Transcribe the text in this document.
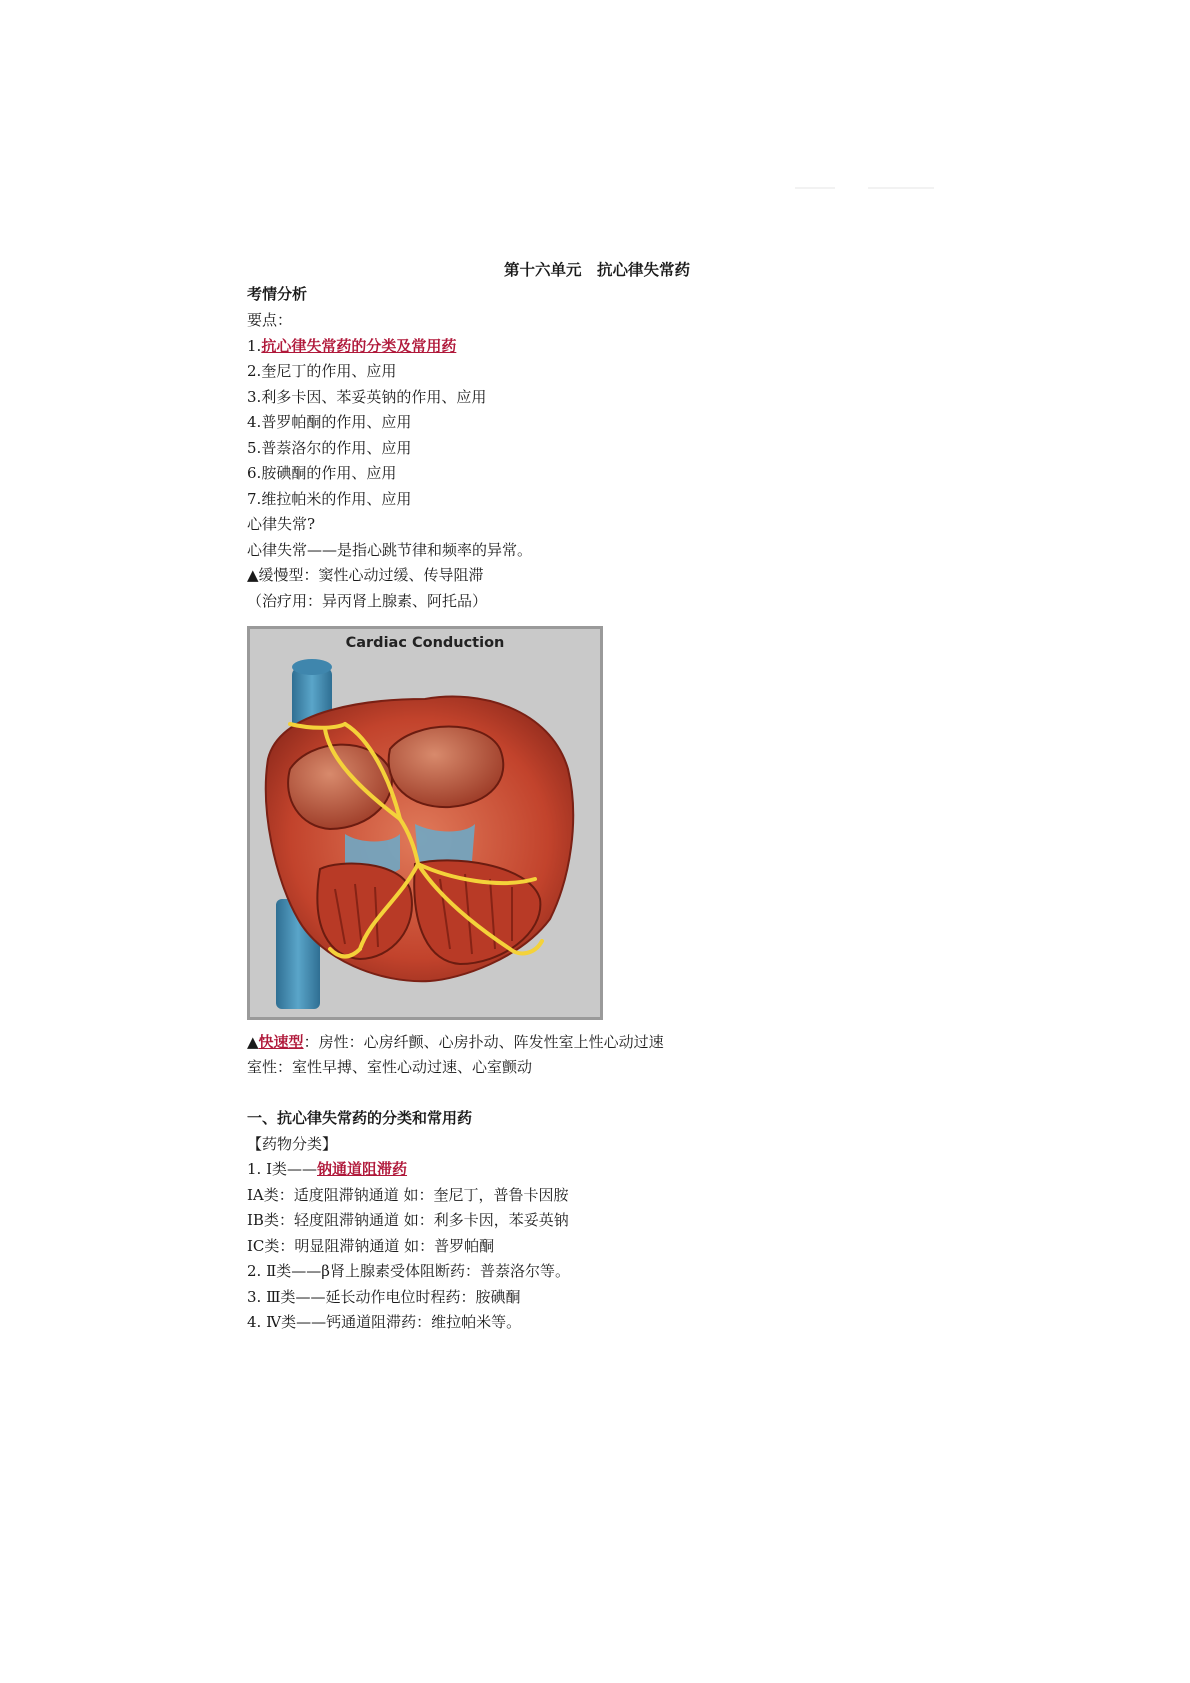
第十六单元　抗心律失常药
考情分析
要点：
1.抗心律失常药的分类及常用药
2.奎尼丁的作用、应用
3.利多卡因、苯妥英钠的作用、应用
4.普罗帕酮的作用、应用
5.普萘洛尔的作用、应用
6.胺碘酮的作用、应用
7.维拉帕米的作用、应用
心律失常?
心律失常——是指心跳节律和频率的异常。
▲缓慢型：窦性心动过缓、传导阻滞
（治疗用：异丙肾上腺素、阿托品）
Cardiac Conduction
▲快速型：房性：心房纤颤、心房扑动、阵发性室上性心动过速
室性：室性早搏、室性心动过速、心室颤动
一、抗心律失常药的分类和常用药
【药物分类】
1. Ⅰ类——钠通道阻滞药
ⅠA类：适度阻滞钠通道 如：奎尼丁，普鲁卡因胺
ⅠB类：轻度阻滞钠通道 如：利多卡因，苯妥英钠
ⅠC类：明显阻滞钠通道 如：普罗帕酮
2. Ⅱ类——β肾上腺素受体阻断药：普萘洛尔等。
3. Ⅲ类——延长动作电位时程药：胺碘酮
4. Ⅳ类——钙通道阻滞药：维拉帕米等。
